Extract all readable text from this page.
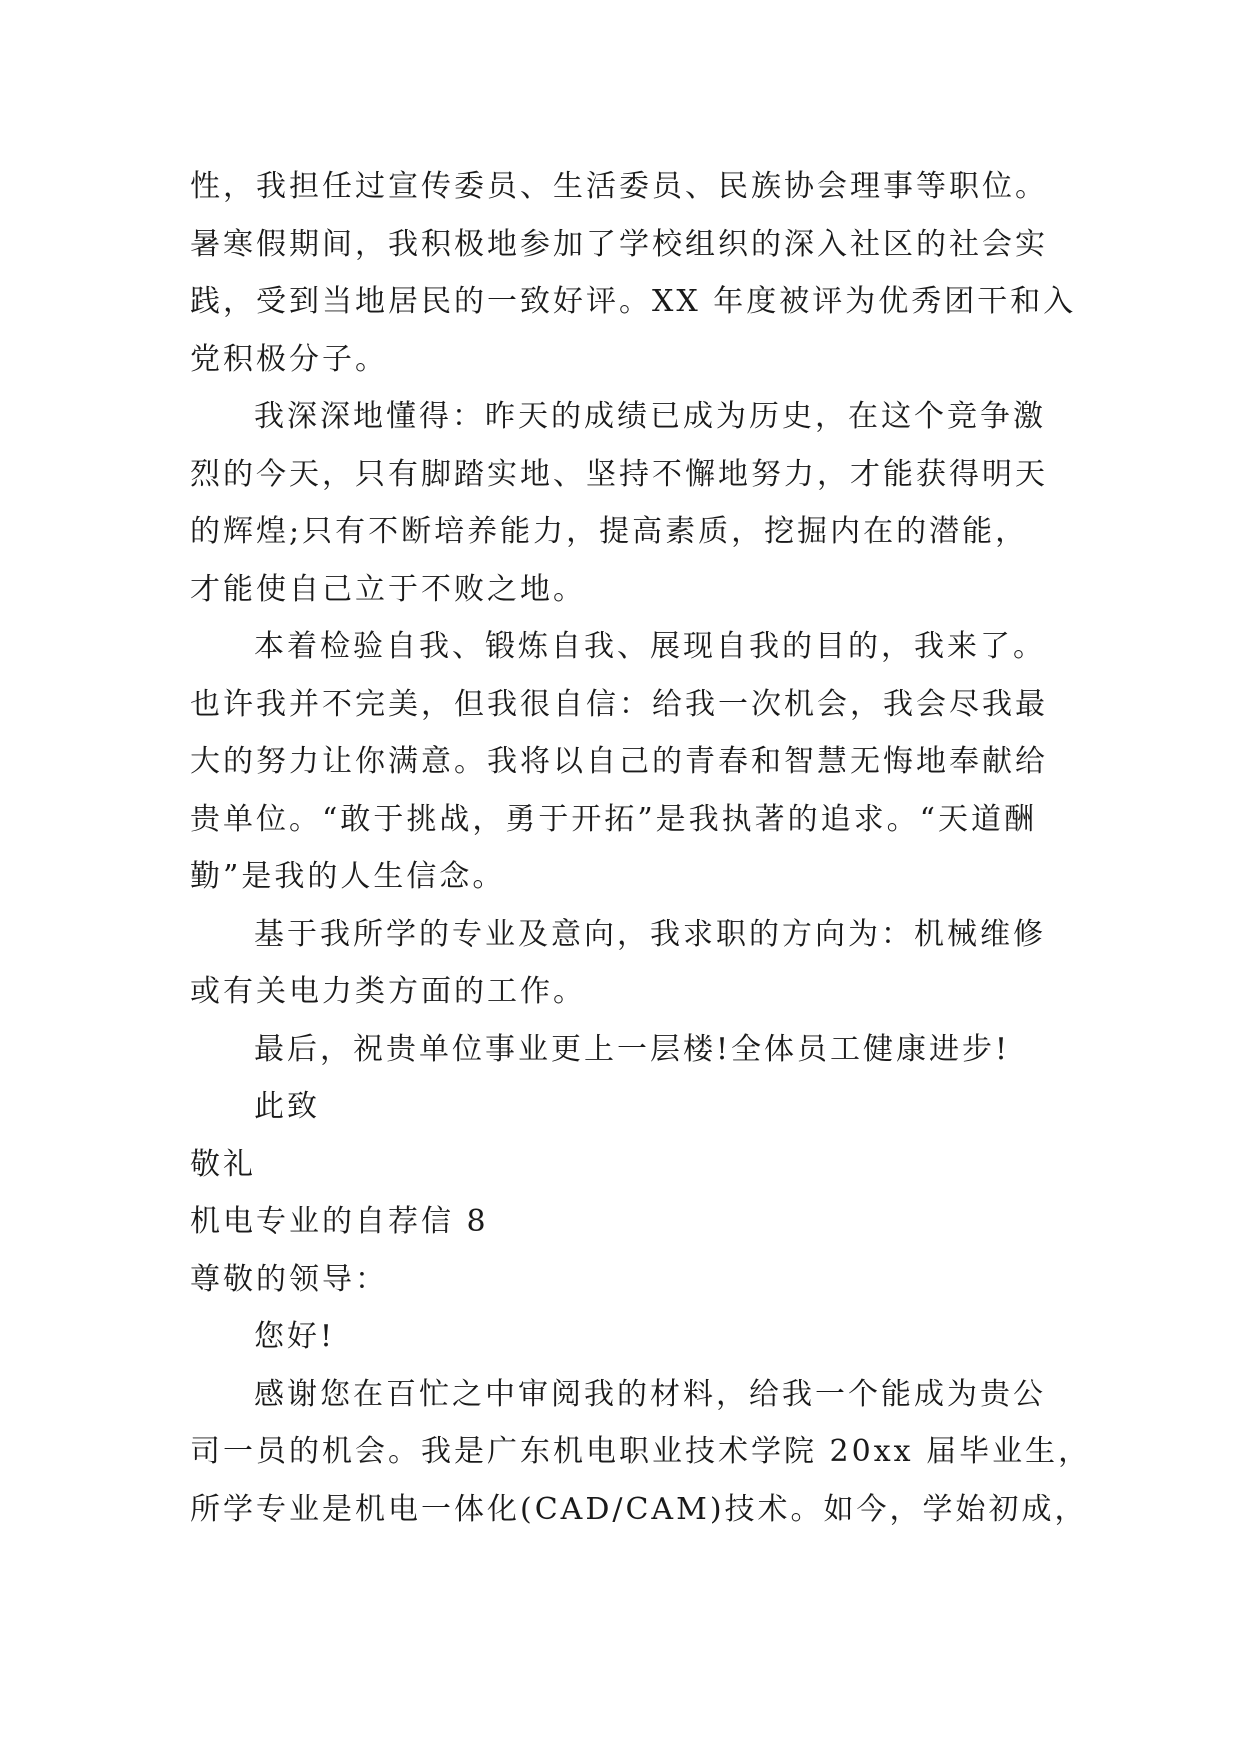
性，我担任过宣传委员、生活委员、民族协会理事等职位。
暑寒假期间，我积极地参加了学校组织的深入社区的社会实
践，受到当地居民的一致好评。XX 年度被评为优秀团干和入
党积极分子。
我深深地懂得：昨天的成绩已成为历史，在这个竞争激
烈的今天，只有脚踏实地、坚持不懈地努力，才能获得明天
的辉煌;只有不断培养能力，提高素质，挖掘内在的潜能，
才能使自己立于不败之地。
本着检验自我、锻炼自我、展现自我的目的，我来了。
也许我并不完美，但我很自信：给我一次机会，我会尽我最
大的努力让你满意。我将以自己的青春和智慧无悔地奉献给
贵单位。“敢于挑战，勇于开拓”是我执著的追求。“天道酬
勤”是我的人生信念。
基于我所学的专业及意向，我求职的方向为：机械维修
或有关电力类方面的工作。
最后，祝贵单位事业更上一层楼!全体员工健康进步!
此致
敬礼
机电专业的自荐信 8
尊敬的领导：
您好!
感谢您在百忙之中审阅我的材料，给我一个能成为贵公
司一员的机会。我是广东机电职业技术学院 20xx 届毕业生，
所学专业是机电一体化(CAD/CAM)技术。如今，学始初成，
